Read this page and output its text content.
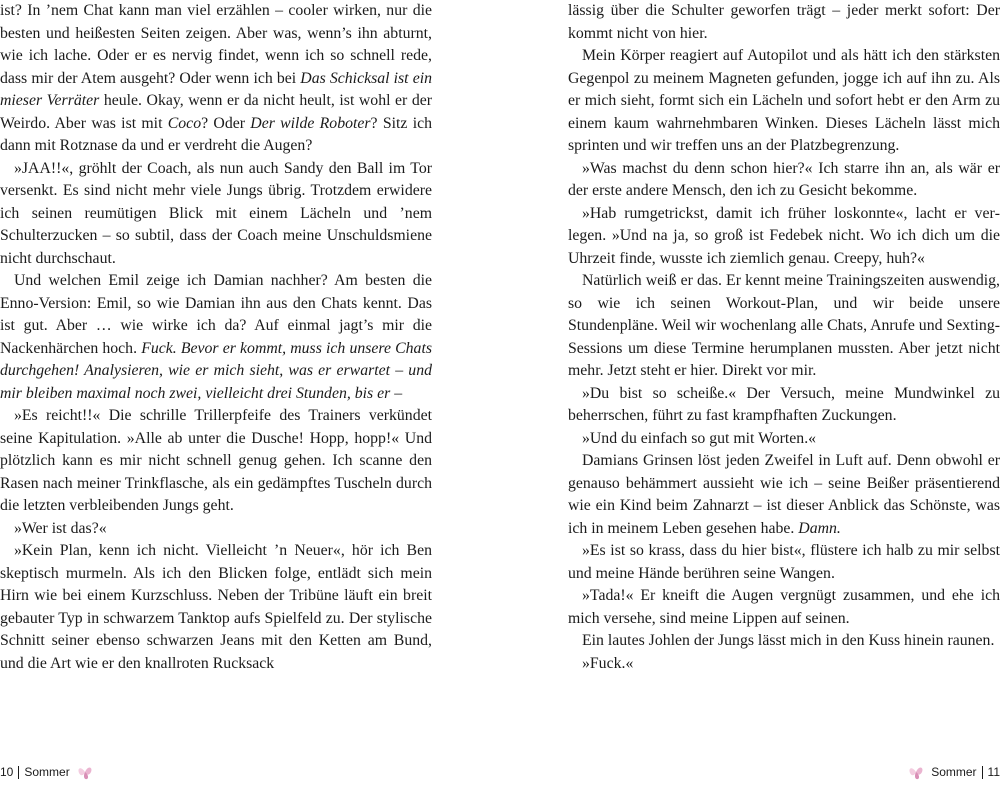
ist? In ’nem Chat kann man viel erzählen – cooler wirken, nur die besten und heißesten Seiten zeigen. Aber was, wenn’s ihn abturnt, wie ich lache. Oder er es nervig findet, wenn ich so schnell rede, dass mir der Atem ausgeht? Oder wenn ich bei Das Schicksal ist ein mieser Verräter heule. Okay, wenn er da nicht heult, ist wohl er der Weirdo. Aber was ist mit Coco? Oder Der wilde Roboter? Sitz ich dann mit Rotznase da und er verdreht die Augen?

»JAA!!«, gröhlt der Coach, als nun auch Sandy den Ball im Tor versenkt. Es sind nicht mehr viele Jungs übrig. Trotzdem erwidere ich seinen reumütigen Blick mit einem Lächeln und ’nem Schulterzucken – so subtil, dass der Coach meine Unschuldsmiene nicht durchschaut.

Und welchen Emil zeige ich Damian nachher? Am besten die Enno-Version: Emil, so wie Damian ihn aus den Chats kennt. Das ist gut. Aber … wie wirke ich da? Auf einmal jagt’s mir die Nackenhärchen hoch. Fuck. Bevor er kommt, muss ich unsere Chats durchgehen! Analysieren, wie er mich sieht, was er erwartet – und mir bleiben maximal noch zwei, vielleicht drei Stunden, bis er –

»Es reicht!!« Die schrille Trillerpfeife des Trainers verkündet seine Kapitulation. »Alle ab unter die Dusche! Hopp, hopp!« Und plötzlich kann es mir nicht schnell genug gehen. Ich scanne den Rasen nach meiner Trinkflasche, als ein gedämpftes Tuscheln durch die letzten verbleibenden Jungs geht.

»Wer ist das?«

»Kein Plan, kenn ich nicht. Vielleicht ’n Neuer«, hör ich Ben skeptisch murmeln. Als ich den Blicken folge, entlädt sich mein Hirn wie bei einem Kurzschluss. Neben der Tribüne läuft ein breit gebauter Typ in schwarzem Tanktop aufs Spielfeld zu. Der stylische Schnitt seiner ebenso schwarzen Jeans mit den Ketten am Bund, und die Art wie er den knallroten Rucksack

lässig über die Schulter geworfen trägt – jeder merkt sofort: Der kommt nicht von hier.

Mein Körper reagiert auf Autopilot und als hätt ich den stärksten Gegenpol zu meinem Magneten gefunden, jogge ich auf ihn zu. Als er mich sieht, formt sich ein Lächeln und sofort hebt er den Arm zu einem kaum wahrnehmbaren Winken. Dieses Lächeln lässt mich sprinten und wir treffen uns an der Platzbegrenzung.

»Was machst du denn schon hier?« Ich starre ihn an, als wär er der erste andere Mensch, den ich zu Gesicht bekomme.

»Hab rumgetrickst, damit ich früher loskonnte«, lacht er verlegen. »Und na ja, so groß ist Fedebek nicht. Wo ich dich um die Uhrzeit finde, wusste ich ziemlich genau. Creepy, huh?«

Natürlich weiß er das. Er kennt meine Trainingszeiten auswendig, so wie ich seinen Workout-Plan, und wir beide unsere Stundenpläne. Weil wir wochenlang alle Chats, Anrufe und Sexting-Sessions um diese Termine herumplanen mussten. Aber jetzt nicht mehr. Jetzt steht er hier. Direkt vor mir.

»Du bist so scheiße.« Der Versuch, meine Mundwinkel zu beherrschen, führt zu fast krampfhaften Zuckungen.

»Und du einfach so gut mit Worten.«

Damians Grinsen löst jeden Zweifel in Luft auf. Denn obwohl er genauso behämmert aussieht wie ich – seine Beißer präsentierend wie ein Kind beim Zahnarzt – ist dieser Anblick das Schönste, was ich in meinem Leben gesehen habe. Damn.

»Es ist so krass, dass du hier bist«, flüstere ich halb zu mir selbst und meine Hände berühren seine Wangen.

»Tada!« Er kneift die Augen vergnügt zusammen, und ehe ich mich versehe, sind meine Lippen auf seinen.

Ein lautes Johlen der Jungs lässt mich in den Kuss hinein raunen.

»Fuck.«

10 Sommer	Sommer 11
